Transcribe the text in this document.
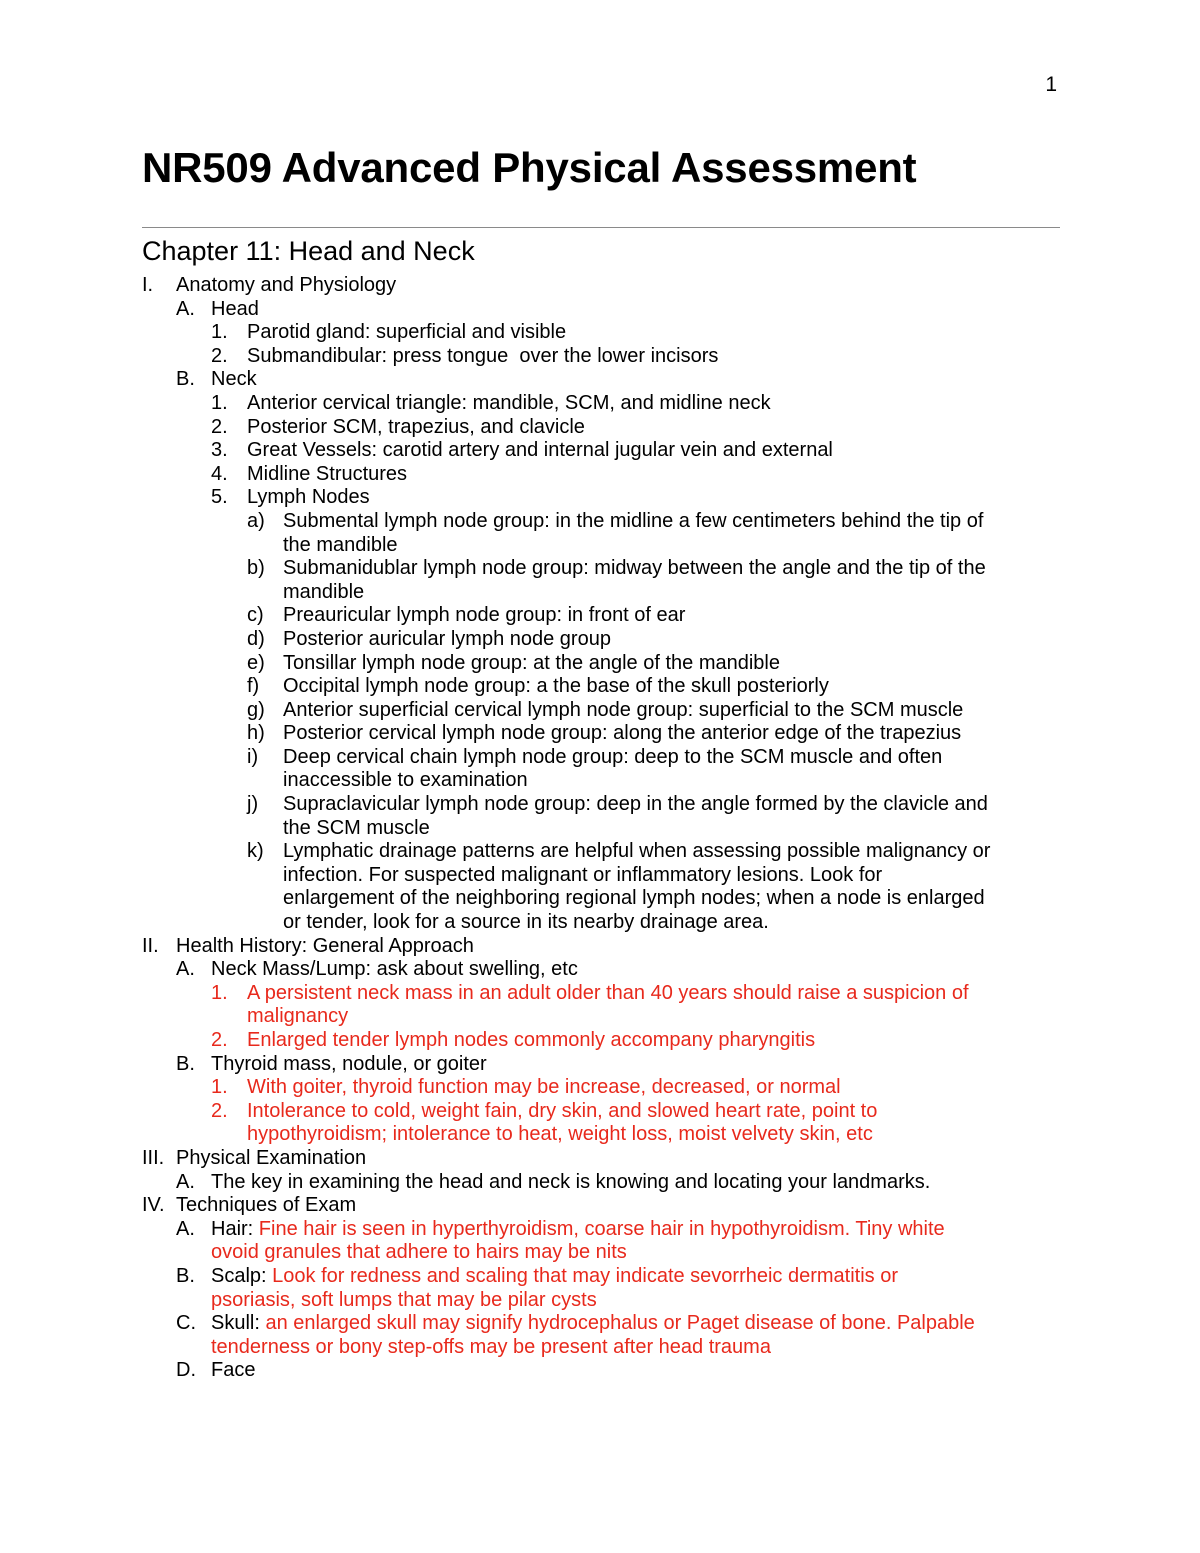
1
NR509 Advanced Physical Assessment
Chapter 11: Head and Neck
I.	Anatomy and Physiology
A. Head
1. Parotid gland: superficial and visible
2. Submandibular: press tongue  over the lower incisors
B. Neck
1. Anterior cervical triangle: mandible, SCM, and midline neck
2. Posterior SCM, trapezius, and clavicle
3. Great Vessels: carotid artery and internal jugular vein and external
4. Midline Structures
5. Lymph Nodes
a) Submental lymph node group: in the midline a few centimeters behind the tip of
the mandible
b) Submanidublar lymph node group: midway between the angle and the tip of the
mandible
c) Preauricular lymph node group: in front of ear
d) Posterior auricular lymph node group
e) Tonsillar lymph node group: at the angle of the mandible
f)	Occipital lymph node group: a the base of the skull posteriorly
g) Anterior superficial cervical lymph node group: superficial to the SCM muscle
h) Posterior cervical lymph node group: along the anterior edge of the trapezius
i)	Deep cervical chain lymph node group: deep to the SCM muscle and often
inaccessible to examination
j)	Supraclavicular lymph node group: deep in the angle formed by the clavicle and
the SCM muscle
k) Lymphatic drainage patterns are helpful when assessing possible malignancy or
infection. For suspected malignant or inflammatory lesions. Look for
enlargement of the neighboring regional lymph nodes; when a node is enlarged
or tender, look for a source in its nearby drainage area.
II. Health History: General Approach
A. Neck Mass/Lump: ask about swelling, etc
1. A persistent neck mass in an adult older than 40 years should raise a suspicion of
malignancy
2. Enlarged tender lymph nodes commonly accompany pharyngitis
B. Thyroid mass, nodule, or goiter
1. With goiter, thyroid function may be increase, decreased, or normal
2. Intolerance to cold, weight fain, dry skin, and slowed heart rate, point to
hypothyroidism; intolerance to heat, weight loss, moist velvety skin, etc
III. Physical Examination
A. The key in examining the head and neck is knowing and locating your landmarks.
IV. Techniques of Exam
A. Hair: Fine hair is seen in hyperthyroidism, coarse hair in hypothyroidism. Tiny white
ovoid granules that adhere to hairs may be nits
B. Scalp: Look for redness and scaling that may indicate sevorrheic dermatitis or
psoriasis, soft lumps that may be pilar cysts
C. Skull: an enlarged skull may signify hydrocephalus or Paget disease of bone. Palpable
tenderness or bony step-offs may be present after head trauma
D. Face
